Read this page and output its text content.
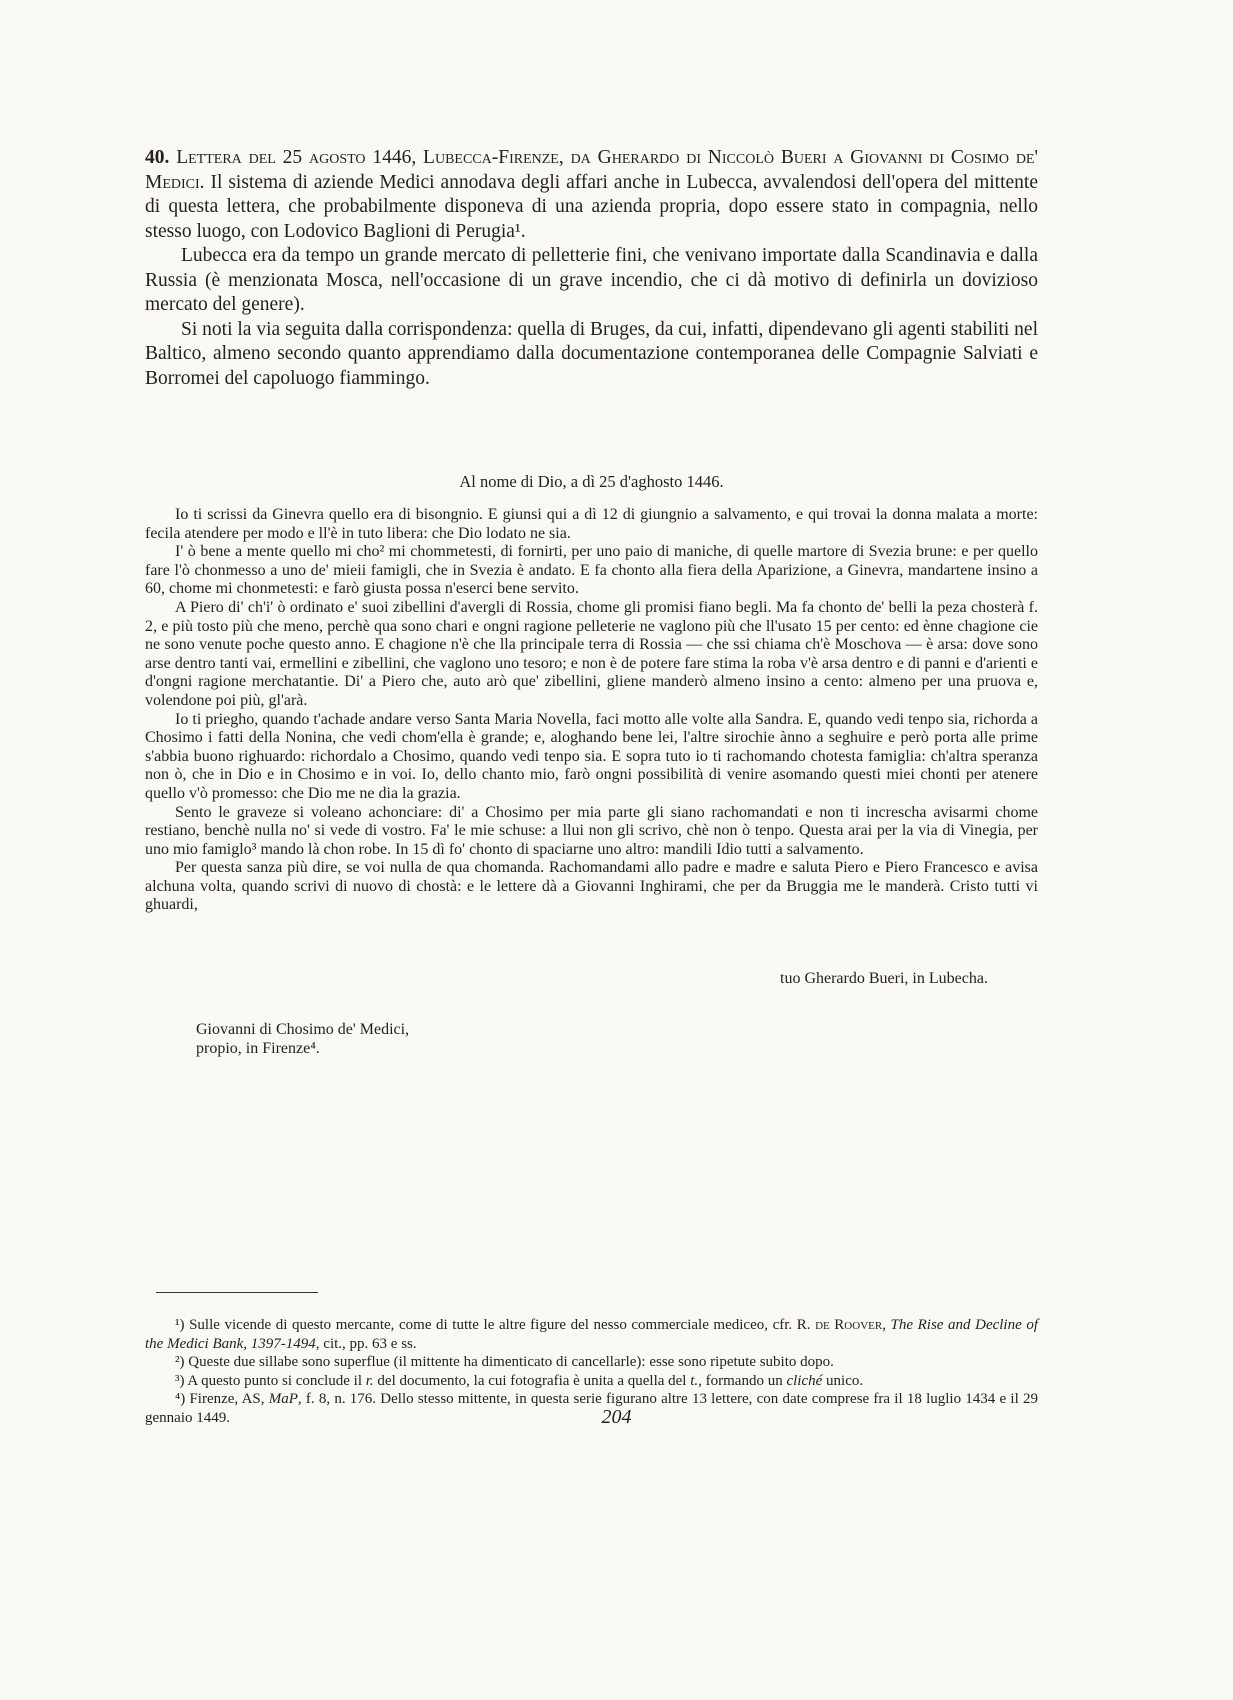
40. Lettera del 25 agosto 1446, Lubecca-Firenze, da Gherardo di Niccolò Bueri a Giovanni di Cosimo de' Medici. Il sistema di aziende Medici annodava degli affari anche in Lubecca, avvalendosi dell'opera del mittente di questa lettera, che probabilmente disponeva di una azienda propria, dopo essere stato in compagnia, nello stesso luogo, con Lodovico Baglioni di Perugia¹.

Lubecca era da tempo un grande mercato di pelletterie fini, che venivano importate dalla Scandinavia e dalla Russia (è menzionata Mosca, nell'occasione di un grave incendio, che ci dà motivo di definirla un dovizioso mercato del genere).

Si noti la via seguita dalla corrispondenza: quella di Bruges, da cui, infatti, dipendevano gli agenti stabiliti nel Baltico, almeno secondo quanto apprendiamo dalla documentazione contemporanea delle Compagnie Salviati e Borromei del capoluogo fiammingo.

Al nome di Dio, a dì 25 d'aghosto 1446.

Io ti scrissi da Ginevra quello era di bisongnio. E giunsi qui a dì 12 di giungnio a salvamento, e qui trovai la donna malata a morte: fecila atendere per modo e ll'è in tuto libera: che Dio lodato ne sia.

I' ò bene a mente quello mi cho² mi chommetesti, di fornirti, per uno paio di maniche, di quelle martore di Svezia brune: e per quello fare l'ò chonmesso a uno de' mieii famigli, che in Svezia è andato. E fa chonto alla fiera della Aparizione, a Ginevra, mandartene insino a 60, chome mi chonmetesti: e farò giusta possa n'eserci bene servito.

A Piero di' ch'i' ò ordinato e' suoi zibellini d'avergli di Rossia, chome gli promisi fiano begli. Ma fa chonto de' belli la peza chosterà f. 2, e più tosto più che meno, perchè qua sono chari e ongni ragione pelleterie ne vaglono più che ll'usato 15 per cento: ed ènne chagione cie ne sono venute poche questo anno. E chagione n'è che lla principale terra di Rossia — che ssi chiama ch'è Moschova — è arsa: dove sono arse dentro tanti vai, ermellini e zibellini, che vaglono uno tesoro; e non è de potere fare stima la roba v'è arsa dentro e di panni e d'arienti e d'ongni ragione merchatantie. Di' a Piero che, auto arò que' zibellini, gliene manderò almeno insino a cento: almeno per una pruova e, volendone poi più, gl'arà.

Io ti priegho, quando t'achade andare verso Santa Maria Novella, faci motto alle volte alla Sandra. E, quando vedi tenpo sia, richorda a Chosimo i fatti della Nonina, che vedi chom'ella è grande; e, aloghando bene lei, l'altre sirochie ànno a seghuire e però porta alle prime s'abbia buono righuardo: richordalo a Chosimo, quando vedi tenpo sia. E sopra tuto io ti rachomando chotesta famiglia: ch'altra speranza non ò, che in Dio e in Chosimo e in voi. Io, dello chanto mio, farò ongni possibilità di venire asomando questi miei chonti per atenere quello v'ò promesso: che Dio me ne dia la grazia.

Sento le graveze si voleano achonciare: di' a Chosimo per mia parte gli siano rachomandati e non ti increscha avisarmi chome restiano, benchè nulla no' si vede di vostro. Fa' le mie schuse: a llui non gli scrivo, chè non ò tenpo. Questa arai per la via di Vinegia, per uno mio famiglo³ mando là chon robe. In 15 dì fo' chonto di spaciarne uno altro: mandili Idio tutti a salvamento.

Per questa sanza più dire, se voi nulla de qua chomanda. Rachomandami allo padre e madre e saluta Piero e Piero Francesco e avisa alchuna volta, quando scrivi di nuovo di chostà: e le lettere dà a Giovanni Inghirami, che per da Bruggia me le manderà. Cristo tutti vi ghuardi,

tuo Gherardo Bueri, in Lubecha.
Giovanni di Chosimo de' Medici,
propio, in Firenze⁴.

¹) Sulle vicende di questo mercante, come di tutte le altre figure del nesso commerciale mediceo, cfr. R. de Roover, The Rise and Decline of the Medici Bank, 1397-1494, cit., pp. 63 e ss.

²) Queste due sillabe sono superflue (il mittente ha dimenticato di cancellarle): esse sono ripetute subito dopo.

³) A questo punto si conclude il r. del documento, la cui fotografia è unita a quella del t., formando un cliché unico.

⁴) Firenze, AS, MaP, f. 8, n. 176. Dello stesso mittente, in questa serie figurano altre 13 lettere, con date comprese fra il 18 luglio 1434 e il 29 gennaio 1449.	204
